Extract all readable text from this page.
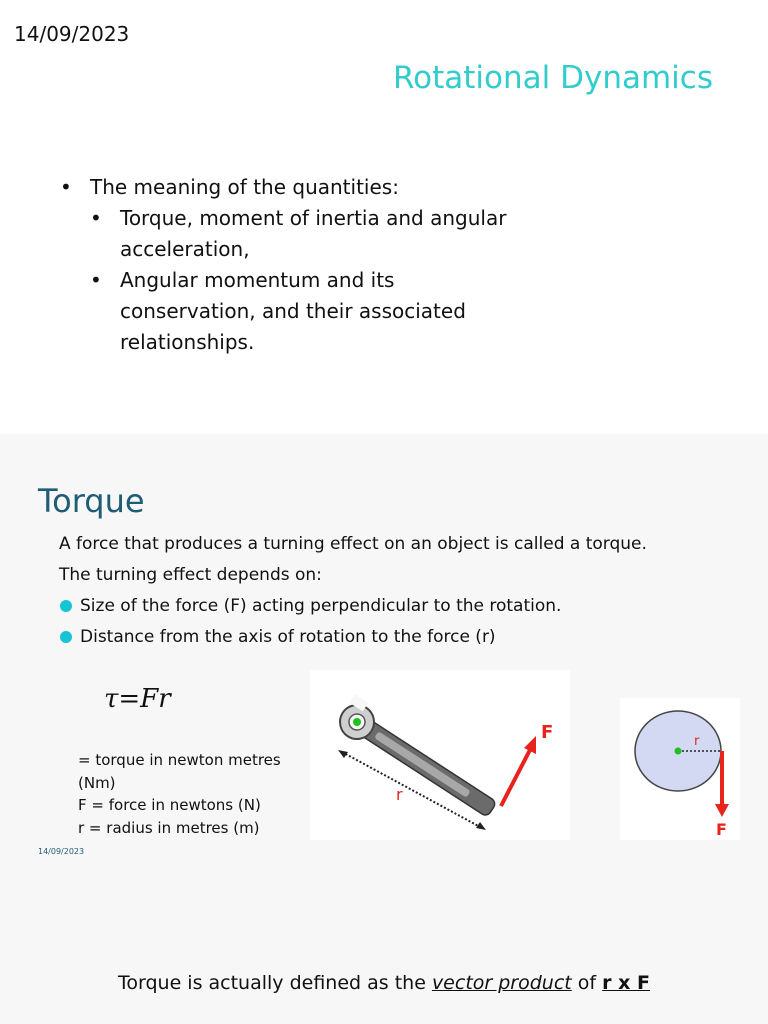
14/09/2023
Rotational Dynamics
• The meaning of the quantities:
• Torque, moment of inertia and angular acceleration,
• Angular momentum and its conservation, and their associated relationships.
Torque
A force that produces a turning effect on an object is called a torque.
The turning effect depends on:
Size of the force (F) acting perpendicular to the rotation.
Distance from the axis of rotation to the force (r)
τ=Fr
= torque in newton metres
(Nm)
F = force in newtons (N)
r = radius in metres (m)
14/09/2023
r
F	r
F
Torque is actually defined as the vector product of r x F
